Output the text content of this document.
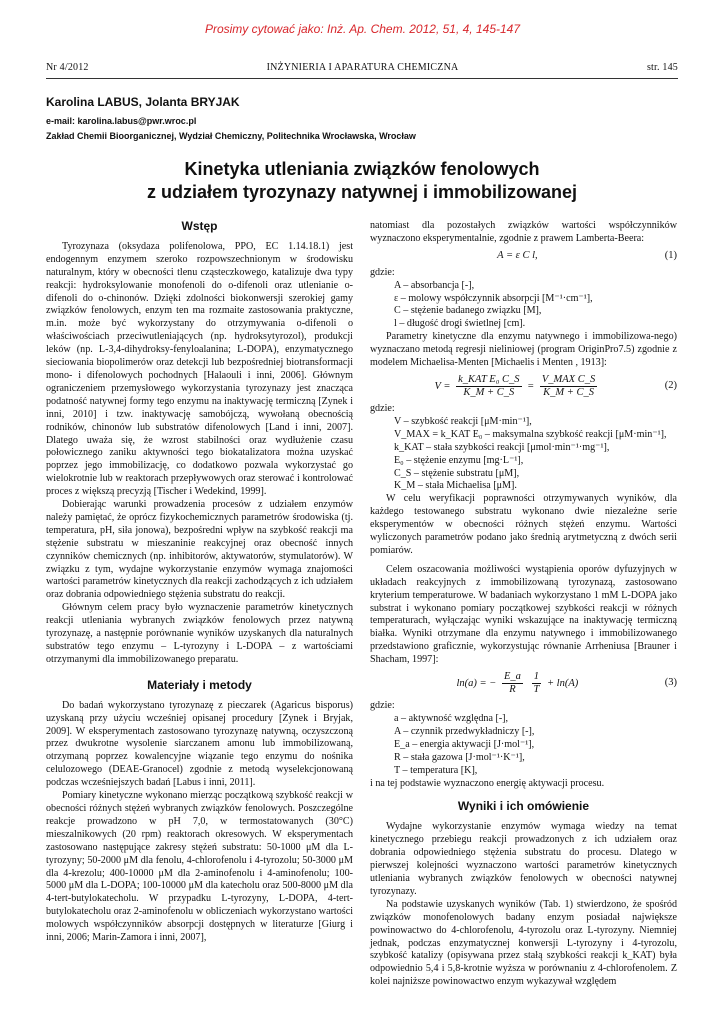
Prosimy cytować jako: Inż. Ap. Chem. 2012, 51, 4, 145-147
Nr 4/2012	INŻYNIERIA I APARATURA CHEMICZNA	str. 145
Karolina LABUS, Jolanta BRYJAK
e-mail: karolina.labus@pwr.wroc.pl
Zakład Chemii Bioorganicznej, Wydział Chemiczny, Politechnika Wrocławska, Wrocław
Kinetyka utleniania związków fenolowych
z udziałem tyrozynazy natywnej i immobilizowanej
Wstęp

Tyrozynaza (oksydaza polifenolowa, PPO, EC 1.14.18.1) jest endogennym enzymem szeroko rozpowszechnionym w środowisku naturalnym, który w obecności tlenu cząsteczkowego, katalizuje dwa typy reakcji: hydroksylowanie monofenoli do o-difenoli oraz utlenianie o-difenoli do o-chinonów. Dzięki zdolności biokonwersji szerokiej gamy związków fenolowych, enzym ten ma rozmaite zastosowania praktyczne, m.in. może być wykorzystany do otrzymywania o-difenoli o właściwościach przeciwutleniających (np. hydroksytyrozol), produkcji leków (np. L-3,4-dihydroksy-fenyloalanina; L-DOPA), enzymatycznego sieciowania biopolimerów oraz detekcji lub bezpośredniej biotransformacji mono- i difenolowych pochodnych [Halaouli i inni, 2006]. Głównym ograniczeniem przemysłowego wykorzystania tyrozynazy jest znacząca podatność natywnej formy tego enzymu na inaktywację termiczną [Zynek i inni, 2010] i tzw. inaktywację samobójczą, wywołaną obecnością rodników, chinonów lub substratów difenolowych [Land i inni, 2007]. Dlatego uważa się, że wzrost stabilności oraz wydłużenie czasu połowicznego zaniku aktywności tego biokatalizatora można uzyskać poprzez jego immobilizację, co dodatkowo pozwala wykorzystać go wielokrotnie lub w reaktorach przepływowych oraz sterować i kontrolować proces z większą precyzją [Tischer i Wedekind, 1999].

Dobierając warunki prowadzenia procesów z udziałem enzymów należy pamiętać, że oprócz fizykochemicznych parametrów środowiska (tj. temperatura, pH, siła jonowa), bezpośredni wpływ na szybkość reakcji ma stężenie substratu w mieszaninie reakcyjnej oraz obecność innych czynników chemicznych (np. inhibitorów, aktywatorów, stymulatorów). W związku z tym, wydajne wykorzystanie enzymów wymaga znajomości wartości parametrów kinetycznych dla reakcji zachodzących z ich udziałem oraz dobrania odpowiedniego stężenia substratu do reakcji.

Głównym celem pracy było wyznaczenie parametrów kinetycznych reakcji utleniania wybranych związków fenolowych przez natywną tyrozynazę, a następnie porównanie wyników uzyskanych dla naturalnych substratów tego enzymu – L-tyrozyny i L-DOPA – z wartościami otrzymanymi dla immobilizowanego preparatu.

Materiały i metody

Do badań wykorzystano tyrozynazę z pieczarek (Agaricus bisporus) uzyskaną przy użyciu wcześniej opisanej procedury [Zynek i Bryjak, 2009]. W eksperymentach zastosowano tyrozynazę natywną, oczyszczoną przez dwukrotne wysolenie siarczanem amonu lub immobilizowaną, otrzymaną poprzez kowalencyjne wiązanie tego enzymu do nośnika celulozowego (DEAE-Granocel) zgodnie z metodą wyselekcjonowaną podczas wcześniejszych badań [Labus i inni, 2011].

Pomiary kinetyczne wykonano mierząc początkową szybkość reakcji w obecności różnych stężeń wybranych związków fenolowych. Poszczególne reakcje prowadzono w pH 7,0, w termostatowanych (30°C) mieszalnikowych (20 rpm) reaktorach okresowych. W eksperymentach zastosowano następujące zakresy stężeń substratu: 50-1000 μM dla L-tyrozyny; 50-2000 μM dla fenolu, 4-chlorofenolu i 4-tyrozolu; 50-3000 μM dla 4-krezolu; 400-10000 μM dla 2-aminofenolu i 4-aminofenolu; 100-5000 μM dla L-DOPA; 100-10000 μM dla katecholu oraz 500-8000 μM dla 4-tert-butylokatecholu. W przypadku L-tyrozyny, L-DOPA, 4-tert-butylokatecholu oraz 2-aminofenolu w obliczeniach wykorzystano wartości molowych współczynników absorpcji dostępnych w literaturze [Giurg i inni, 2006; Marin-Zamora i inni, 2007],

natomiast dla pozostałych związków wartości współczynników wyznaczono eksperymentalnie, zgodnie z prawem Lamberta-Beera:

A = ε C l,	(1)

gdzie:

A – absorbancja [-],
ε – molowy współczynnik absorpcji [M⁻¹·cm⁻¹],
C – stężenie badanego związku [M],
l – długość drogi świetlnej [cm].

Parametry kinetyczne dla enzymu natywnego i immobilizowa-nego) wyznaczano metodą regresji nieliniowej (program OriginPro7.5) zgodnie z modelem Michaelisa-Menten [Michaelis i Menten , 1913]:

$V = \frac{\text{k\_KAT E₀ C\_S}}{K\_M + C\_S} = \frac{\text{V\_MAX C\_S}}{K\_M + C\_S}$	(2)

gdzie:

V – szybkość reakcji [μM·min⁻¹],
V_MAX = k_KAT E₀ – maksymalna szybkość reakcji [μM·min⁻¹],
k_KAT – stała szybkości reakcji [μmol·min⁻¹·mg⁻¹],
E₀ – stężenie enzymu [mg·L⁻¹],
C_S – stężenie substratu [μM],
K_M – stała Michaelisa [μM].

W celu weryfikacji poprawności otrzymywanych wyników, dla każdego testowanego substratu wykonano dwie niezależne serie eksperymentów w obecności różnych stężeń enzymu. Wartości wyliczonych parametrów podano jako średnią arytmetyczną z dwóch serii pomiarów.

Celem oszacowania możliwości wystąpienia oporów dyfuzyjnych w układach reakcyjnych z immobilizowaną tyrozynazą, zastosowano kryterium temperaturowe. W badaniach wykorzystano 1 mM L-DOPA jako substrat i wykonano pomiary początkowej szybkości reakcji w różnych temperaturach, wyłączając wyniki wskazujące na inaktywację termiczną białka. Wyniki otrzymane dla enzymu natywnego i immobilizowanego przedstawiono graficznie, wykorzystując równanie Arrheniusa [Brauner i Shacham, 1997]:

ln(a) = − $\frac{E\_a}{R}$
$\frac{1}{T} + \ln(A)$	(3)

gdzie:

a – aktywność względna [-],
A – czynnik przedwykładniczy [-],
E_a – energia aktywacji [J·mol⁻¹],
R – stała gazowa [J·mol⁻¹·K⁻¹],
T – temperatura [K],

i na tej podstawie wyznaczono energię aktywacji procesu.

Wyniki i ich omówienie

Wydajne wykorzystanie enzymów wymaga wiedzy na temat kinetycznego przebiegu reakcji prowadzonych z ich udziałem oraz dobrania odpowiedniego stężenia substratu do procesu. Dlatego w pierwszej kolejności wyznaczono wartości parametrów kinetycznych utleniania wybranych związków fenolowych w obecności natywnej tyrozynazy.

Na podstawie uzyskanych wyników (Tab. 1) stwierdzono, że spośród związków monofenolowych badany enzym posiadał największe powinowactwo do 4-chlorofenolu, 4-tyrozolu oraz L-tyrozyny. Niemniej jednak, podczas enzymatycznej konwersji L-tyrozyny i 4-tyrozolu, szybkość katalizy (opisywana przez stałą szybkości reakcji k_KAT) była odpowiednio 5,4 i 5,8-krotnie wyższa w porównaniu z 4-chlorofenolem. Z kolei najniższe powinowactwo enzym wykazywał względem
